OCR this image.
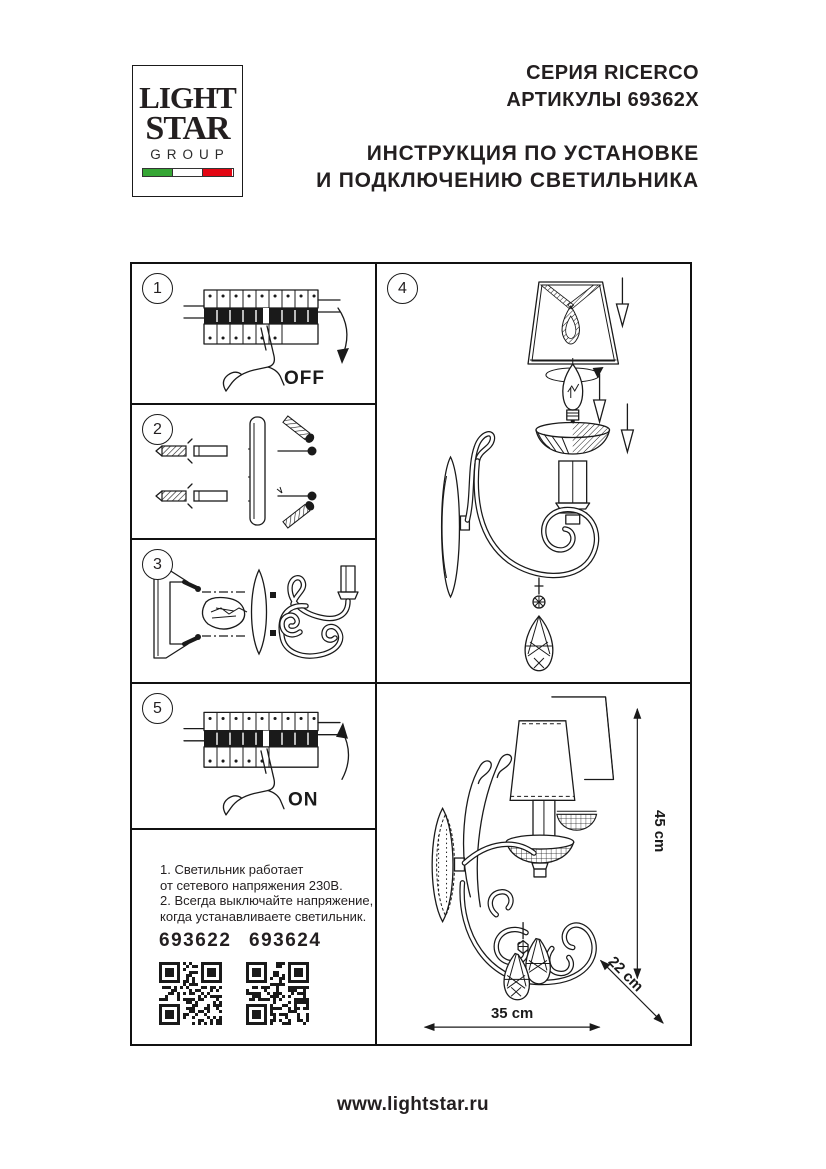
LIGHT
STAR
GROUP
СЕРИЯ RICERCO
АРТИКУЛЫ 69362X
ИНСТРУКЦИЯ ПО УСТАНОВКЕ
И ПОДКЛЮЧЕНИЮ СВЕТИЛЬНИКА
1
OFF
2
3
5
ON
1. Светильник работает
от сетевого напряжения 230В.
2. Всегда выключайте напряжение,
когда устанавливаете светильник.
693622 693624
4
45 cm
35 cm
22 cm
www.lightstar.ru
